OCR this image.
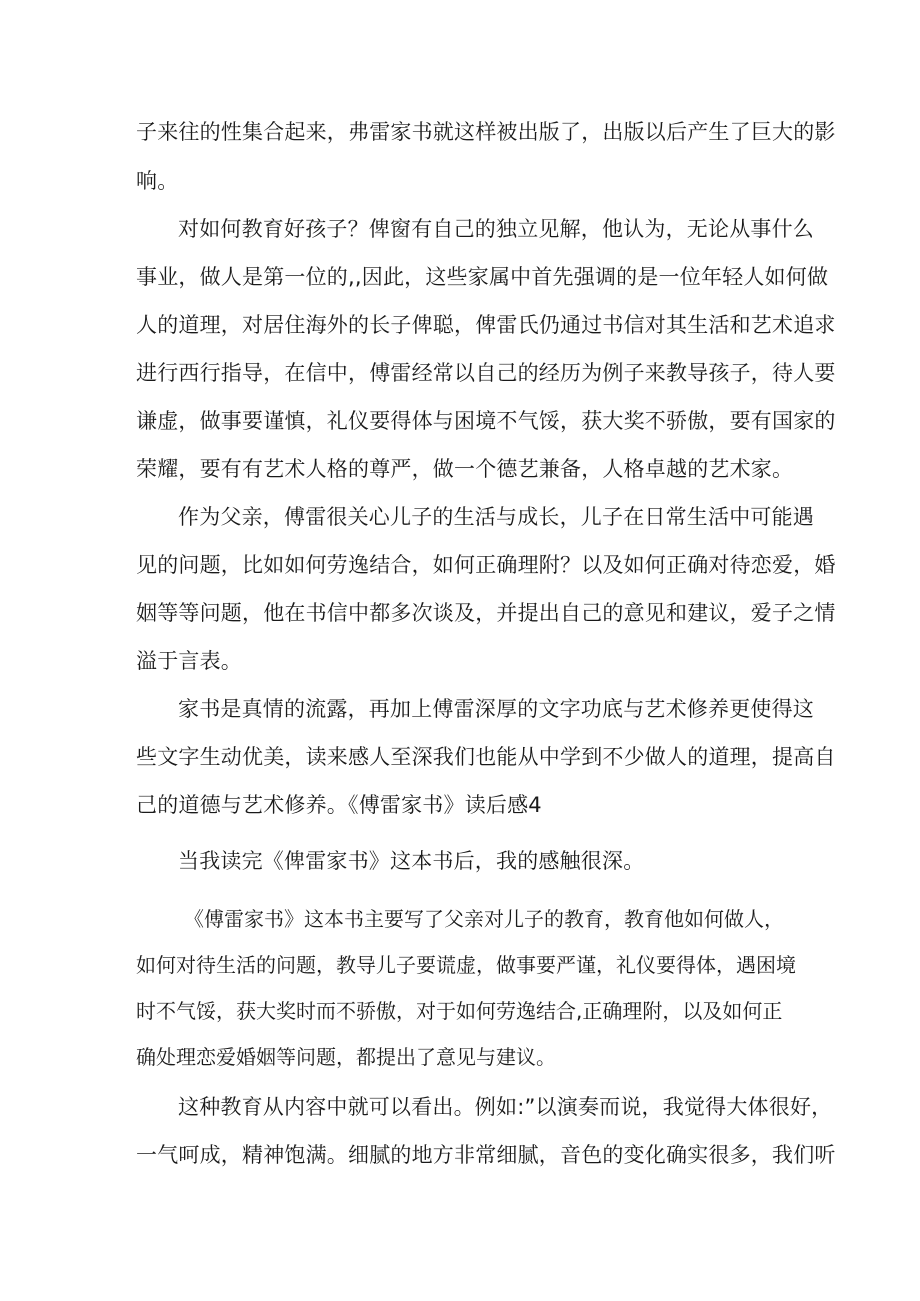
子来往的性集合起来，弗雷家书就这样被出版了，出版以后产生了巨大的影

响。

对如何教育好孩子？俾窗有自己的独立见解，他认为，无论从事什么

事业，做人是第一位的,,因此，这些家属中首先强调的是一位年轻人如何做

人的道理，对居住海外的长子俾聪，俾雷氏仍通过书信对其生活和艺术追求

进行西行指导，在信中，傅雷经常以自己的经历为例子来教导孩子，待人要

谦虚，做事要谨慎，礼仪要得体与困境不气馁，获大奖不骄傲，要有国家的

荣耀，要有有艺术人格的尊严，做一个德艺兼备，人格卓越的艺术家。

作为父亲，傅雷很关心儿子的生活与成长，儿子在日常生活中可能遇

见的问题，比如如何劳逸结合，如何正确理附？以及如何正确对待恋爱，婚

姻等等问题，他在书信中都多次谈及，并提出自己的意见和建议，爱子之情

溢于言表。

家书是真情的流露，再加上傅雷深厚的文字功底与艺术修养更使得这

些文字生动优美，读来感人至深我们也能从中学到不少做人的道理，提高自

己的道德与艺术修养。《傅雷家书》读后感4

当我读完《俾雷家书》这本书后，我的感触很深。

《傅雷家书》这本书主要写了父亲对儿子的教育，教育他如何做人，

如何对待生活的问题，教导儿子要谎虚，做事要严谨，礼仪要得体，遇困境

时不气馁，获大奖时而不骄傲，对于如何劳逸结合,正确理附，以及如何正

确处理恋爱婚姻等问题，都提出了意见与建议。

这种教育从内容中就可以看出。例如:”以演奏而说，我觉得大体很好，

一气呵成，精神饱满。细腻的地方非常细腻，音色的变化确实很多，我们听
